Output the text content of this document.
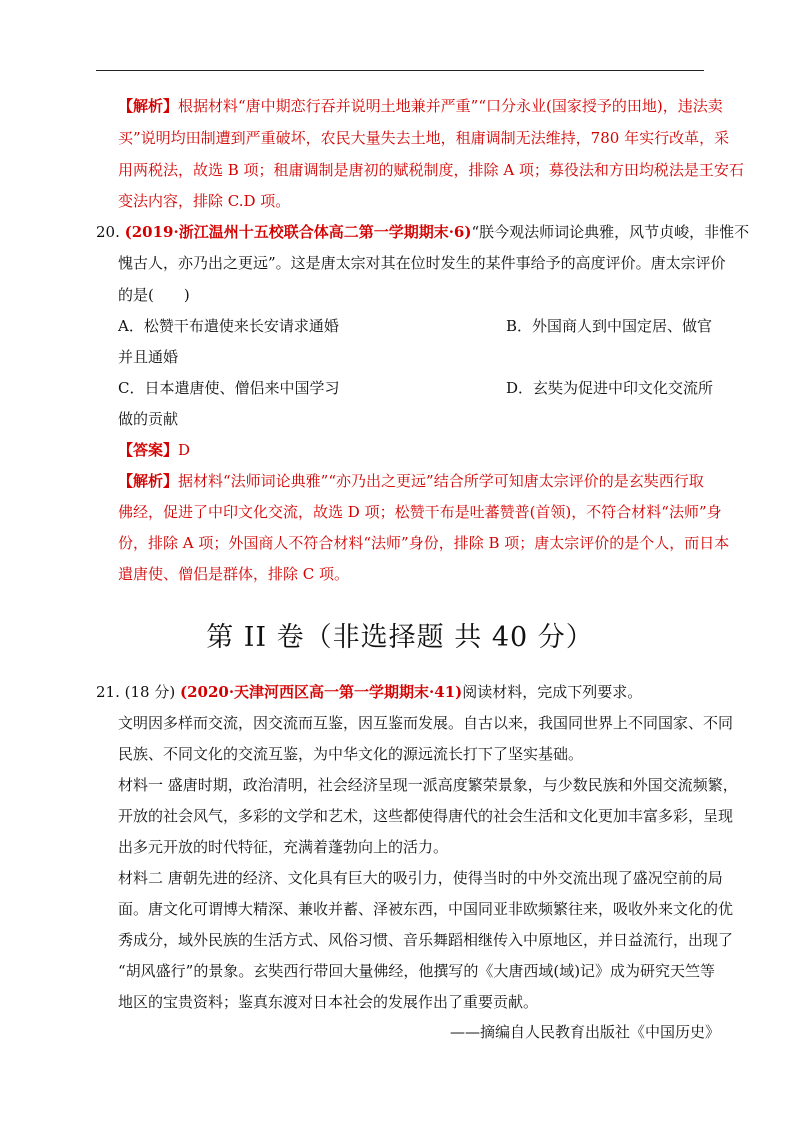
【解析】根据材料“唐中期恋行吞并说明土地兼并严重”“口分永业(国家授予的田地)，违法卖
买”说明均田制遭到严重破坏，农民大量失去土地，租庸调制无法维持，780 年实行改革，采
用两税法，故选 B 项；租庸调制是唐初的赋税制度，排除 A 项；募役法和方田均税法是王安石
变法内容，排除 C.D 项。
20. (2019·浙江温州十五校联合体高二第一学期期末·6)“朕今观法师词论典雅，风节贞峻，非惟不
愧古人，亦乃出之更远”。这是唐太宗对其在位时发生的某件事给予的高度评价。唐太宗评价
的是(　　)
A．松赞干布遣使来长安请求通婚	B．外国商人到中国定居、做官
并且通婚
C．日本遣唐使、僧侣来中国学习	D．玄奘为促进中印文化交流所
做的贡献
【答案】D
【解析】据材料“法师词论典雅”“亦乃出之更远”结合所学可知唐太宗评价的是玄奘西行取
佛经，促进了中印文化交流，故选 D 项；松赞干布是吐蕃赞普(首领)，不符合材料“法师”身
份，排除 A 项；外国商人不符合材料“法师”身份，排除 B 项；唐太宗评价的是个人，而日本
遣唐使、僧侣是群体，排除 C 项。
第 II 卷（非选择题 共 40 分）
21. (18 分) (2020·天津河西区高一第一学期期末·41)阅读材料，完成下列要求。
文明因多样而交流，因交流而互鉴，因互鉴而发展。自古以来，我国同世界上不同国家、不同
民族、不同文化的交流互鉴，为中华文化的源远流长打下了坚实基础。
材料一 盛唐时期，政治清明，社会经济呈现一派高度繁荣景象，与少数民族和外国交流频繁，
开放的社会风气，多彩的文学和艺术，这些都使得唐代的社会生活和文化更加丰富多彩，呈现
出多元开放的时代特征，充满着蓬勃向上的活力。
材料二 唐朝先进的经济、文化具有巨大的吸引力，使得当时的中外交流出现了盛况空前的局
面。唐文化可谓博大精深、兼收并蓄、泽被东西，中国同亚非欧频繁往来，吸收外来文化的优
秀成分，域外民族的生活方式、风俗习惯、音乐舞蹈相继传入中原地区，并日益流行，出现了
“胡风盛行”的景象。玄奘西行带回大量佛经，他撰写的《大唐西域(域)记》成为研究天竺等
地区的宝贵资料；鉴真东渡对日本社会的发展作出了重要贡献。
——摘编自人民教育出版社《中国历史》
